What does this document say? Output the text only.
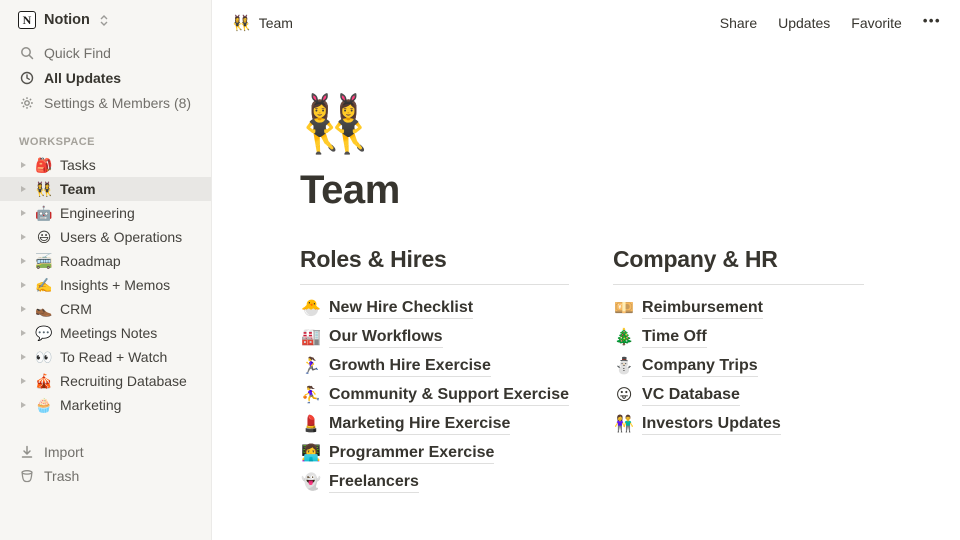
N Notion
Quick Find
All Updates
Settings & Members (8)
WORKSPACE
🎒 Tasks
👯‍♀️ Team
🤖 Engineering
😃 Users & Operations
🚎 Roadmap
✍️ Insights + Memos
👞 CRM
💬 Meetings Notes
👀 To Read + Watch
🎪 Recruiting Database
🧁 Marketing
Import
Trash
👯‍♀️ Team	Share Updates Favorite •••
👯‍♀️
Team
Roles & Hires
🐣 New Hire Checklist
🏭 Our Workflows
🏃‍♀️ Growth Hire Exercise
⛹️‍♀️ Community & Support Exercise
💄 Marketing Hire Exercise
👩‍💻 Programmer Exercise
👻 Freelancers
Company & HR
💴 Reimbursement
🎄 Time Off
⛄ Company Trips
😛 VC Database
👫 Investors Updates
